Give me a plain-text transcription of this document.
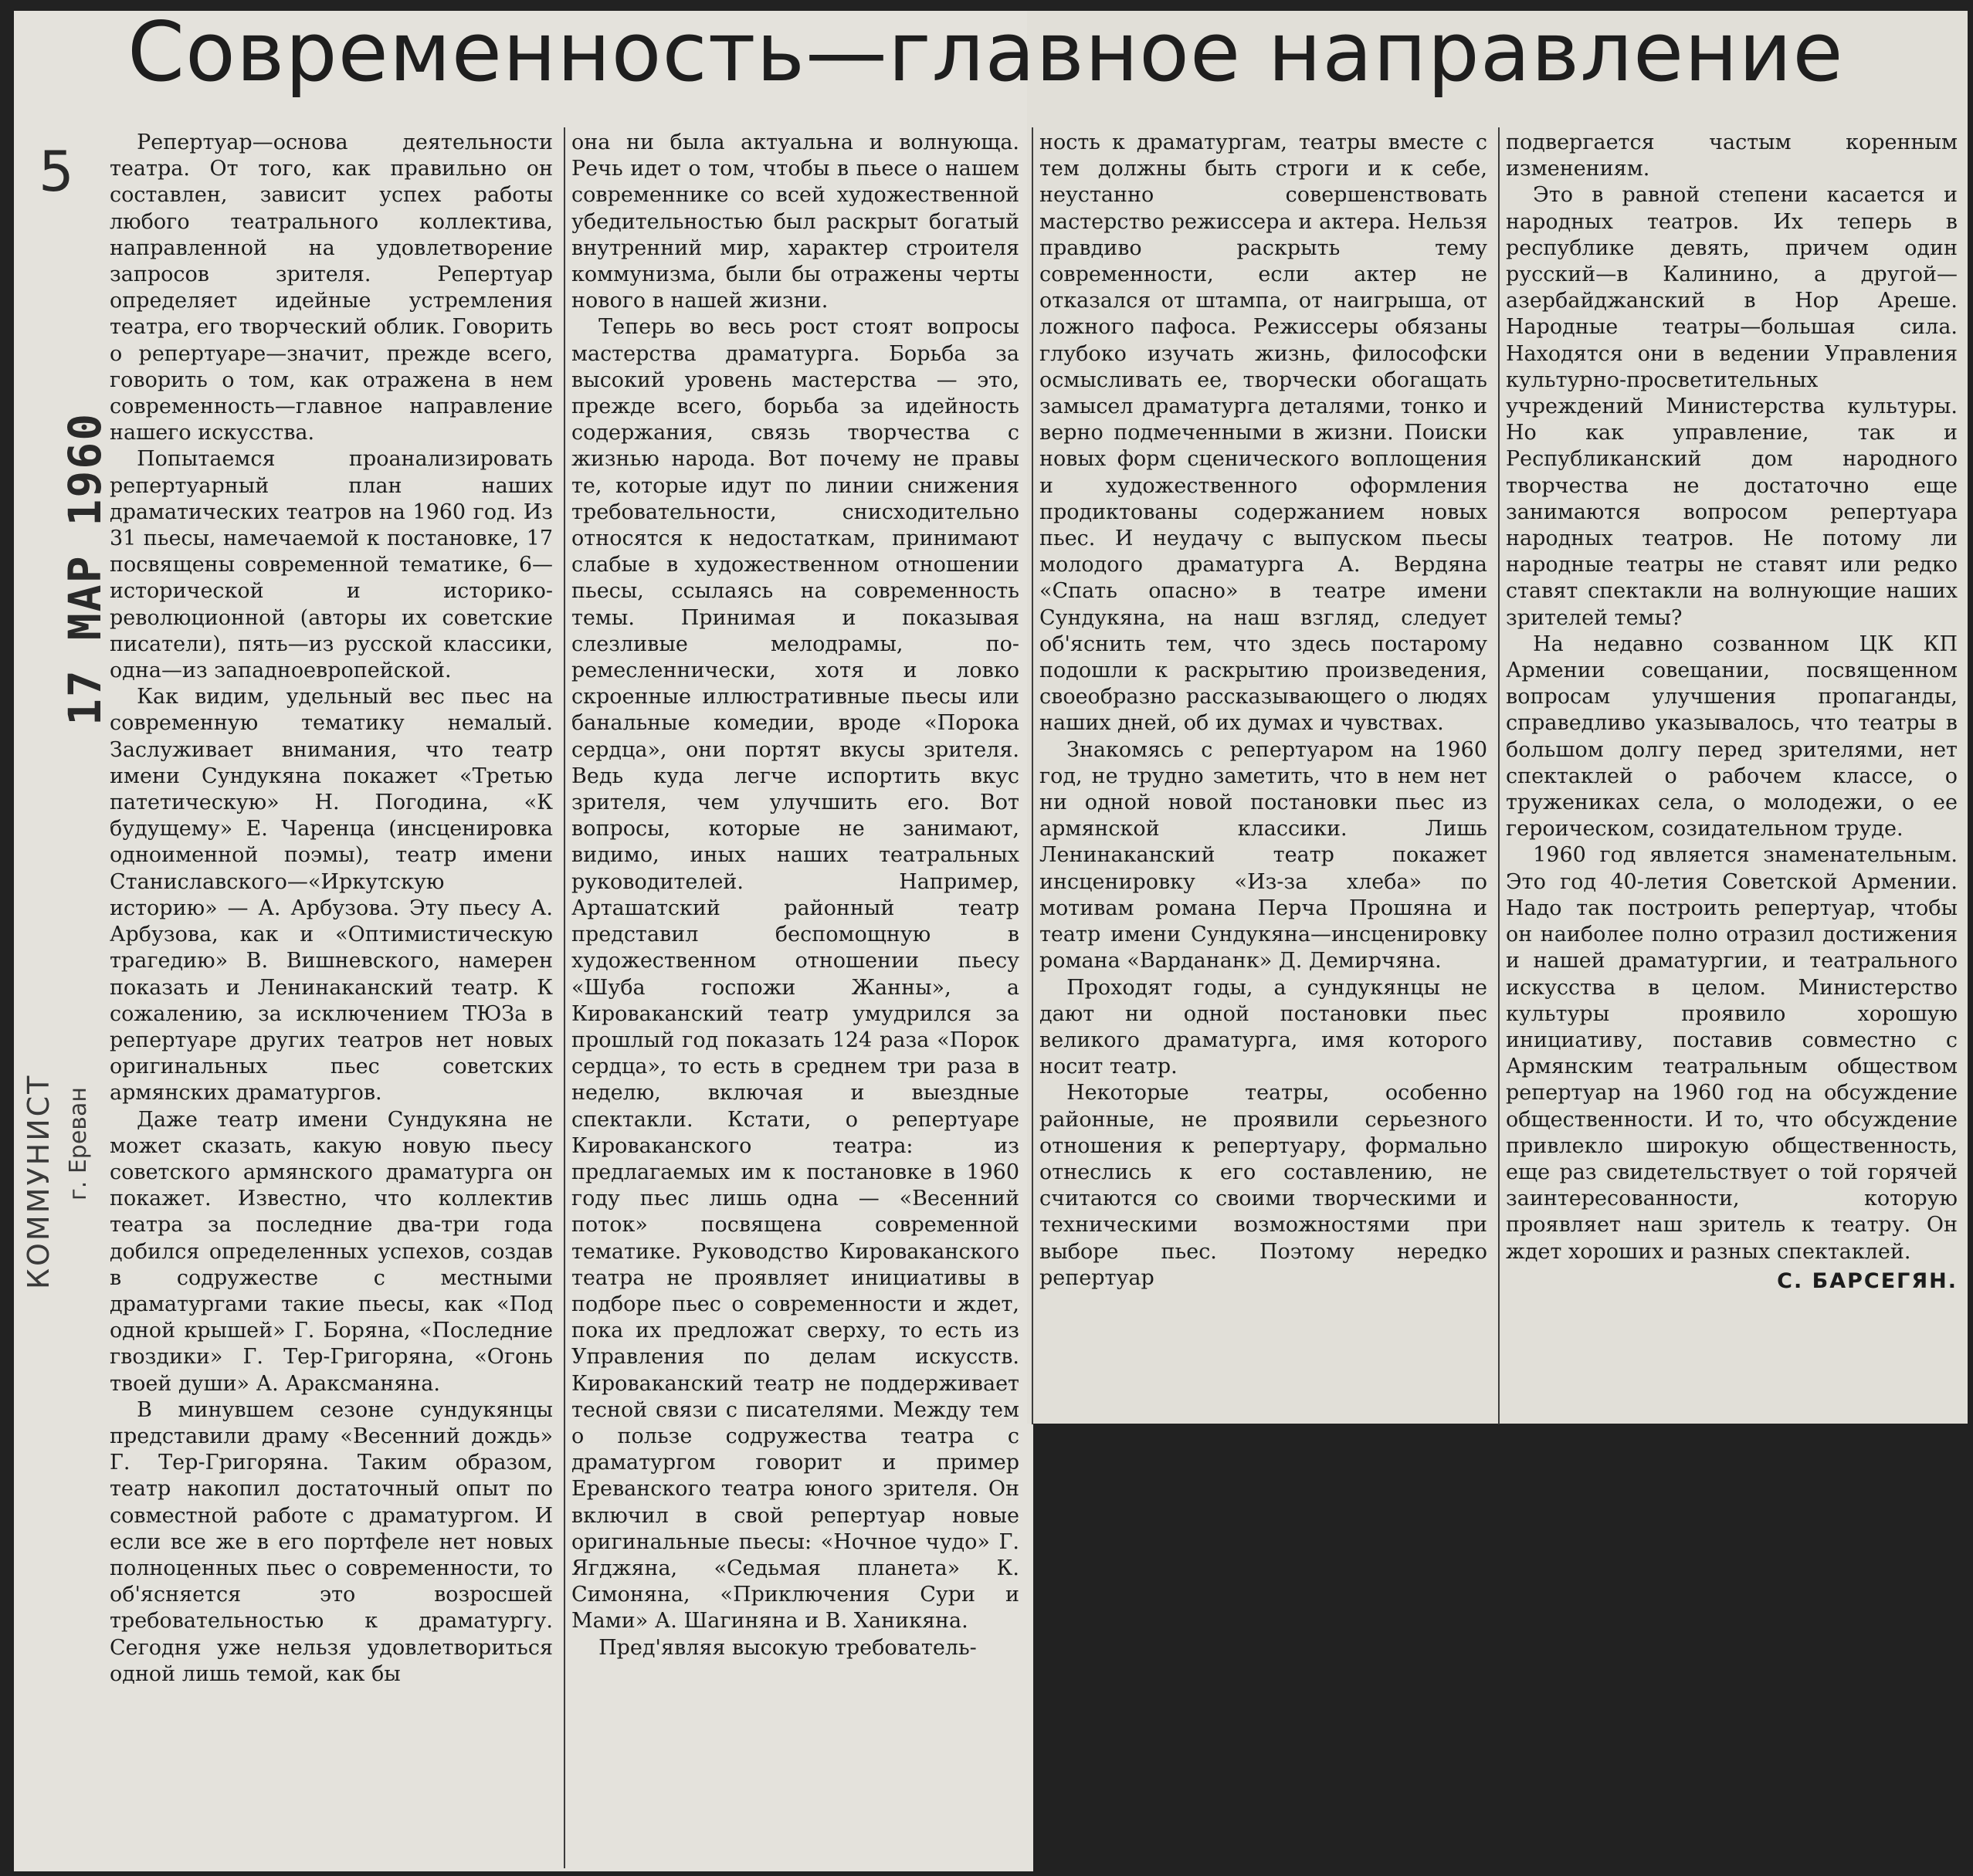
Современность—главное направление
5
17 МАР 1960
КОММУНИСТ г. Ереван

Репертуар—основа деятельности театра. От того, как правильно он составлен, зависит успех работы любого театрального коллектива, направленной на удовлетворение запросов зрителя. Репертуар определяет идейные устремления театра, его творческий облик. Говорить о репертуаре—значит, прежде всего, говорить о том, как отражена в нем современность—главное направление нашего искусства.

Попытаемся проанализировать репертуарный план наших драматических театров на 1960 год. Из 31 пьесы, намечаемой к постановке, 17 посвящены современной тематике, 6—исторической и историко-революционной (авторы их советские писатели), пять—из русской классики, одна—из западноевропейской.

Как видим, удельный вес пьес на современную тематику немалый. Заслуживает внимания, что театр имени Сундукяна покажет «Третью патетическую» Н. Погодина, «К будущему» Е. Чаренца (инсценировка одноименной поэмы), театр имени Станиславского—«Иркутскую историю» — А. Арбузова. Эту пьесу А. Арбузова, как и «Оптимистическую трагедию» В. Вишневского, намерен показать и Ленинаканский театр. К сожалению, за исключением ТЮЗа в репертуаре других театров нет новых оригинальных пьес советских армянских драматургов.

Даже театр имени Сундукяна не может сказать, какую новую пьесу советского армянского драматурга он покажет. Известно, что коллектив театра за последние два-три года добился определенных успехов, создав в содружестве с местными драматургами такие пьесы, как «Под одной крышей» Г. Боряна, «Последние гвоздики» Г. Тер-Григоряна, «Огонь твоей души» А. Араксманяна.

В минувшем сезоне сундукянцы представили драму «Весенний дождь» Г. Тер-Григоряна. Таким образом, театр накопил достаточный опыт по совместной работе с драматургом. И если все же в его портфеле нет новых полноценных пьес о современности, то об'ясняется это возросшей требовательностью к драматургу. Сегодня уже нельзя удовлетвориться одной лишь темой, как бы

она ни была актуальна и волнующа. Речь идет о том, чтобы в пьесе о нашем современнике со всей художественной убедительностью был раскрыт богатый внутренний мир, характер строителя коммунизма, были бы отражены черты нового в нашей жизни.

Теперь во весь рост стоят вопросы мастерства драматурга. Борьба за высокий уровень мастерства — это, прежде всего, борьба за идейность содержания, связь творчества с жизнью народа. Вот почему не правы те, которые идут по линии снижения требовательности, снисходительно относятся к недостаткам, принимают слабые в художественном отношении пьесы, ссылаясь на современность темы. Принимая и показывая слезливые мелодрамы, по-ремесленнически, хотя и ловко скроенные иллюстративные пьесы или банальные комедии, вроде «Порока сердца», они портят вкусы зрителя. Ведь куда легче испортить вкус зрителя, чем улучшить его. Вот вопросы, которые не занимают, видимо, иных наших театральных руководителей. Например, Арташатский районный театр представил беспомощную в художественном отношении пьесу «Шуба госпожи Жанны», а Кироваканский театр умудрился за прошлый год показать 124 раза «Порок сердца», то есть в среднем три раза в неделю, включая и выездные спектакли. Кстати, о репертуаре Кироваканского театра: из предлагаемых им к постановке в 1960 году пьес лишь одна — «Весенний поток» посвящена современной тематике. Руководство Кироваканского театра не проявляет инициативы в подборе пьес о современности и ждет, пока их предложат сверху, то есть из Управления по делам искусств. Кироваканский театр не поддерживает тесной связи с писателями. Между тем о пользе содружества театра с драматургом говорит и пример Ереванского театра юного зрителя. Он включил в свой репертуар новые оригинальные пьесы: «Ночное чудо» Г. Ягджяна, «Седьмая планета» К. Симоняна, «Приключения Сури и Мами» А. Шагиняна и В. Ханикяна.

Пред'являя высокую требователь-

ность к драматургам, театры вместе с тем должны быть строги и к себе, неустанно совершенствовать мастерство режиссера и актера. Нельзя правдиво раскрыть тему современности, если актер не отказался от штампа, от наигрыша, от ложного пафоса. Режиссеры обязаны глубоко изучать жизнь, философски осмысливать ее, творчески обогащать замысел драматурга деталями, тонко и верно подмеченными в жизни. Поиски новых форм сценического воплощения и художественного оформления продиктованы содержанием новых пьес. И неудачу с выпуском пьесы молодого драматурга А. Вердяна «Спать опасно» в театре имени Сундукяна, на наш взгляд, следует об'яснить тем, что здесь постарому подошли к раскрытию произведения, своеобразно рассказывающего о людях наших дней, об их думах и чувствах.

Знакомясь с репертуаром на 1960 год, не трудно заметить, что в нем нет ни одной новой постановки пьес из армянской классики. Лишь Ленинаканский театр покажет инсценировку «Из-за хлеба» по мотивам романа Перча Прошяна и театр имени Сундукяна—инсценировку романа «Вардананк» Д. Демирчяна.

Проходят годы, а сундукянцы не дают ни одной постановки пьес великого драматурга, имя которого носит театр.

Некоторые театры, особенно районные, не проявили серьезного отношения к репертуару, формально отнеслись к его составлению, не считаются со своими творческими и техническими возможностями при выборе пьес. Поэтому нередко репертуар

подвергается частым коренным изменениям.

Это в равной степени касается и народных театров. Их теперь в республике девять, причем один русский—в Калинино, а другой—азербайджанский в Нор Ареше. Народные театры—большая сила. Находятся они в ведении Управления культурно-просветительных учреждений Министерства культуры. Но как управление, так и Республиканский дом народного творчества не достаточно еще занимаются вопросом репертуара народных театров. Не потому ли народные театры не ставят или редко ставят спектакли на волнующие наших зрителей темы?

На недавно созванном ЦК КП Армении совещании, посвященном вопросам улучшения пропаганды, справедливо указывалось, что театры в большом долгу перед зрителями, нет спектаклей о рабочем классе, о тружениках села, о молодежи, о ее героическом, созидательном труде.

1960 год является знаменательным. Это год 40-летия Советской Армении. Надо так построить репертуар, чтобы он наиболее полно отразил достижения и нашей драматургии, и театрального искусства в целом. Министерство культуры проявило хорошую инициативу, поставив совместно с Армянским театральным обществом репертуар на 1960 год на обсуждение общественности. И то, что обсуждение привлекло широкую общественность, еще раз свидетельствует о той горячей заинтересованности, которую проявляет наш зритель к театру. Он ждет хороших и разных спектаклей.

С. БАРСЕГЯН.
